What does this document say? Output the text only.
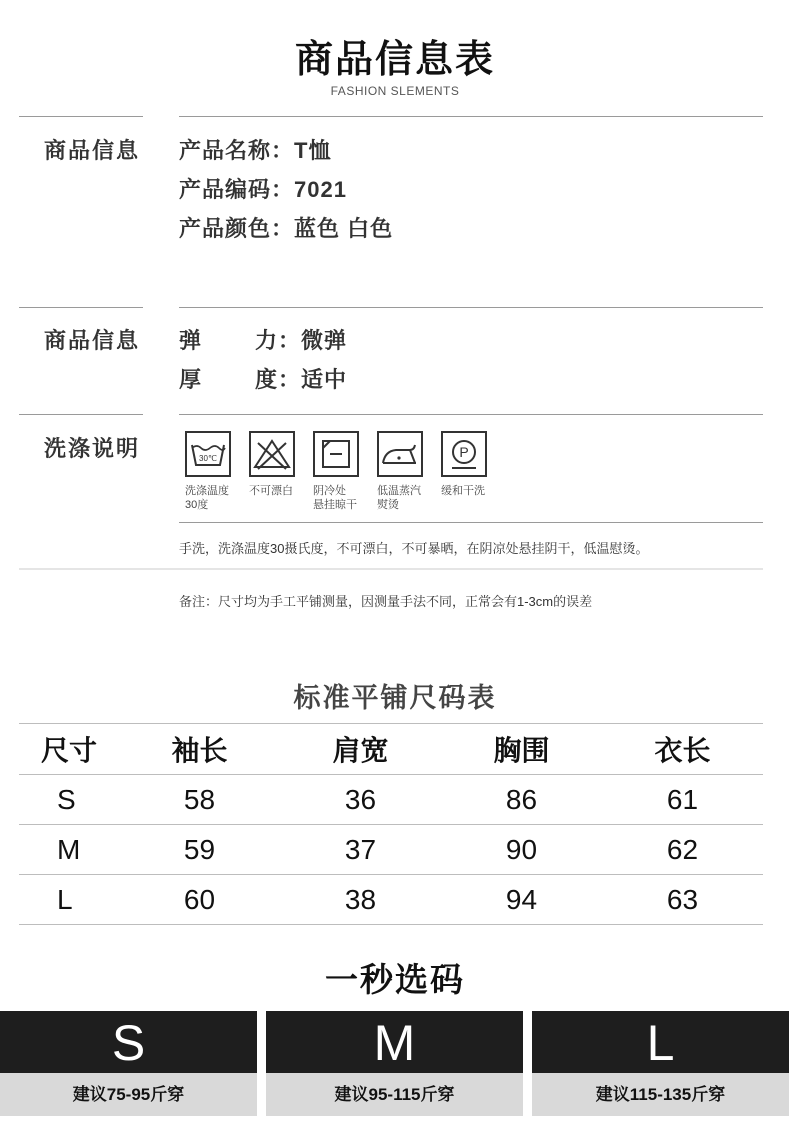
商品信息表
FASHION SLEMENTS
商品信息 产品名称：T恤
产品编码：7021
产品颜色：蓝色 白色
商品信息 弹 力：微弹
厚 度：适中
洗涤说明	30℃
洗涤温度
30度
不可漂白 阴冷处
悬挂晾干
低温蒸汽
熨烫
P
缓和干洗
手洗，洗涤温度30摄氏度，不可漂白，不可暴晒，在阴凉处悬挂阴干，低温慰烫。
备注：尺寸均为手工平铺测量，因测量手法不同，正常会有1-3cm的误差
标准平铺尺码表
尺寸	袖长	肩宽	胸围	衣长
S	58	36	86	61
M	59	37	90	62
L	60	38	94	63
一秒选码
S
建议75-95斤穿
M
建议95-115斤穿
L
建议115-135斤穿
